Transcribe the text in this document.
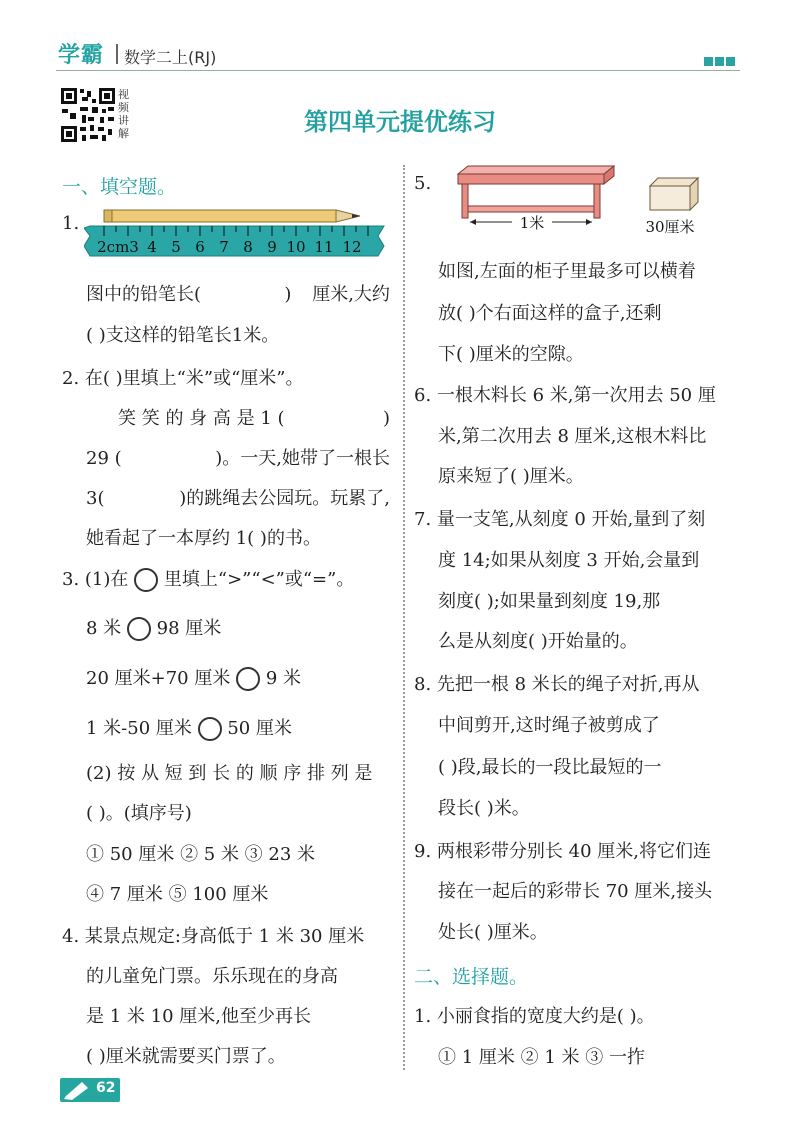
学霸 数学二上(RJ)
视频讲解	第四单元提优练习
一、填空题。
1.
2cm3 4 5 6 7 8 9 10 11 12
图中的铅笔长(	) 厘米,大约
( )支这样的铅笔长1米。
2. 在( )里填上“米”或“厘米”。
笑 笑 的 身 高 是 1 (	)
29 (	)。一天,她带了一根长
3(	)的跳绳去公园玩。玩累了,
她看起了一本厚约 1( )的书。
3. (1)在 里填上“>”“<”或“=”。
8 米 98 厘米
20 厘米+70 厘米 9 米
1 米-50 厘米 50 厘米
(2) 按 从 短 到 长 的 顺 序 排 列 是
( )。(填序号)
① 50 厘米 ② 5 米 ③ 23 米
④ 7 厘米 ⑤ 100 厘米
4. 某景点规定:身高低于 1 米 30 厘米
的儿童免门票。乐乐现在的身高
是 1 米 10 厘米,他至少再长
( )厘米就需要买门票了。
5.
1米	30厘米
如图,左面的柜子里最多可以横着
放( )个右面这样的盒子,还剩
下( )厘米的空隙。
6. 一根木料长 6 米,第一次用去 50 厘
米,第二次用去 8 厘米,这根木料比
原来短了( )厘米。
7. 量一支笔,从刻度 0 开始,量到了刻
度 14;如果从刻度 3 开始,会量到
刻度( );如果量到刻度 19,那
么是从刻度( )开始量的。
8. 先把一根 8 米长的绳子对折,再从
中间剪开,这时绳子被剪成了
( )段,最长的一段比最短的一
段长( )米。
9. 两根彩带分别长 40 厘米,将它们连
接在一起后的彩带长 70 厘米,接头
处长( )厘米。
二、选择题。
1. 小丽食指的宽度大约是( )。
① 1 厘米 ② 1 米 ③ 一拃
62
